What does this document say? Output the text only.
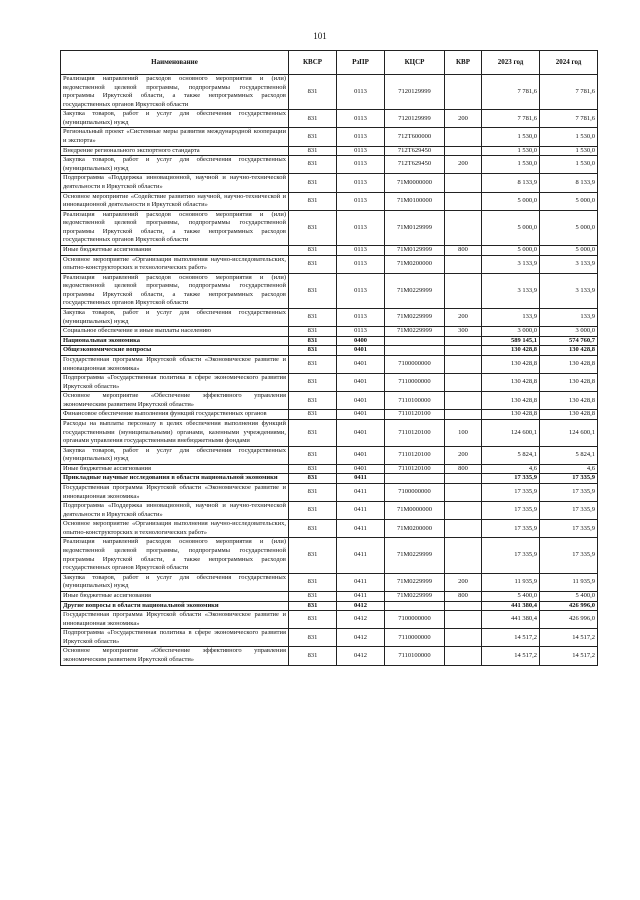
101
Наименование	КВСР	РзПР	КЦСР	КВР	2023 год	2024 год
Реализация направлений расходов основного мероприятия и (или) ведомственной целевой программы, подпрограммы государственной программы Иркутской области, а также непрограммных расходов государственных органов Иркутской области	831	0113	7120129999		7 781,6	7 781,6
Закупка товаров, работ и услуг для обеспечения государственных (муниципальных) нужд	831	0113	7120129999	200	7 781,6	7 781,6
Региональный проект «Системные меры развития международной кооперации и экспорта»	831	0113	712T600000		1 530,0	1 530,0
Внедрение регионального экспортного стандарта	831	0113	712T629450		1 530,0	1 530,0
Закупка товаров, работ и услуг для обеспечения государственных (муниципальных) нужд	831	0113	712T629450	200	1 530,0	1 530,0
Подпрограмма «Поддержка инновационной, научной и научно-технической деятельности в Иркутской области»	831	0113	71М0000000		8 133,9	8 133,9
Основное мероприятие «Содействие развитию научной, научно-технической и инновационной деятельности в Иркутской области»	831	0113	71М0100000		5 000,0	5 000,0
Реализация направлений расходов основного мероприятия и (или) ведомственной целевой программы, подпрограммы государственной программы Иркутской области, а также непрограммных расходов государственных органов Иркутской области	831	0113	71М0129999		5 000,0	5 000,0
Иные бюджетные ассигнования	831	0113	71М0129999	800	5 000,0	5 000,0
Основное мероприятие «Организация выполнения научно-исследовательских, опытно-конструкторских и технологических работ»	831	0113	71М0200000		3 133,9	3 133,9
Реализация направлений расходов основного мероприятия и (или) ведомственной целевой программы, подпрограммы государственной программы Иркутской области, а также непрограммных расходов государственных органов Иркутской области	831	0113	71М0229999		3 133,9	3 133,9
Закупка товаров, работ и услуг для обеспечения государственных (муниципальных) нужд	831	0113	71М0229999	200	133,9	133,9
Социальное обеспечение и иные выплаты населению	831	0113	71М0229999	300	3 000,0	3 000,0
Национальная экономика	831	0400			589 145,1	574 760,7
Общеэкономические вопросы	831	0401			130 428,8	130 428,8
Государственная программа Иркутской области «Экономическое развитие и инновационная экономика»	831	0401	7100000000		130 428,8	130 428,8
Подпрограмма «Государственная политика в сфере экономического развития Иркутской области»	831	0401	7110000000		130 428,8	130 428,8
Основное мероприятие «Обеспечение эффективного управления экономическим развитием Иркутской области»	831	0401	7110100000		130 428,8	130 428,8
Финансовое обеспечение выполнения функций государственных органов	831	0401	7110120100		130 428,8	130 428,8
Расходы на выплаты персоналу в целях обеспечения выполнения функций государственными (муниципальными) органами, казенными учреждениями, органами управления государственными внебюджетными фондами	831	0401	7110120100	100	124 600,1	124 600,1
Закупка товаров, работ и услуг для обеспечения государственных (муниципальных) нужд	831	0401	7110120100	200	5 824,1	5 824,1
Иные бюджетные ассигнования	831	0401	7110120100	800	4,6	4,6
Прикладные научные исследования в области национальной экономики	831	0411			17 335,9	17 335,9
Государственная программа Иркутской области «Экономическое развитие и инновационная экономика»	831	0411	7100000000		17 335,9	17 335,9
Подпрограмма «Поддержка инновационной, научной и научно-технической деятельности в Иркутской области»	831	0411	71М0000000		17 335,9	17 335,9
Основное мероприятие «Организация выполнения научно-исследовательских, опытно-конструкторских и технологических работ»	831	0411	71М0200000		17 335,9	17 335,9
Реализация направлений расходов основного мероприятия и (или) ведомственной целевой программы, подпрограммы государственной программы Иркутской области, а также непрограммных расходов государственных органов Иркутской области	831	0411	71М0229999		17 335,9	17 335,9
Закупка товаров, работ и услуг для обеспечения государственных (муниципальных) нужд	831	0411	71М0229999	200	11 935,9	11 935,9
Иные бюджетные ассигнования	831	0411	71М0229999	800	5 400,0	5 400,0
Другие вопросы в области национальной экономики	831	0412			441 380,4	426 996,0
Государственная программа Иркутской области «Экономическое развитие и инновационная экономика»	831	0412	7100000000		441 380,4	426 996,0
Подпрограмма «Государственная политика в сфере экономического развития Иркутской области»	831	0412	7110000000		14 517,2	14 517,2
Основное мероприятие «Обеспечение эффективного управления экономическим развитием Иркутской области»	831	0412	7110100000		14 517,2	14 517,2
